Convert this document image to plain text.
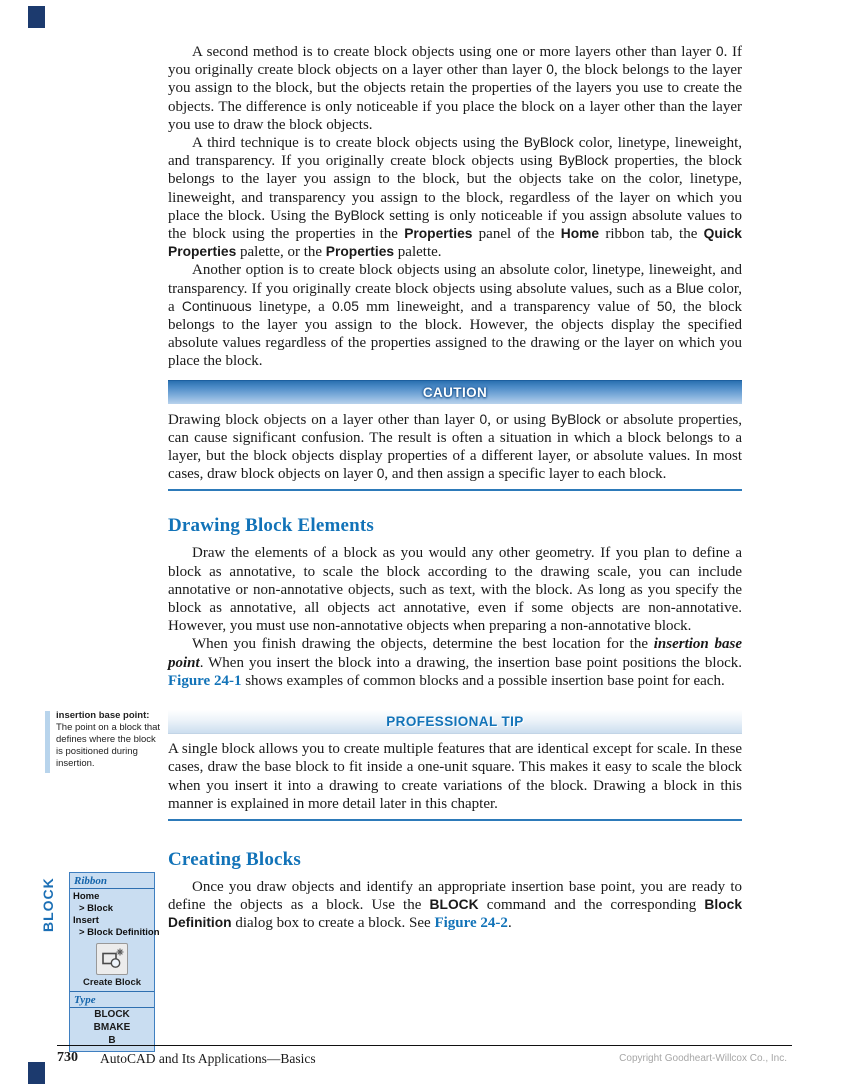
A second method is to create block objects using one or more layers other than layer 0. If you originally create block objects on a layer other than layer 0, the block belongs to the layer you assign to the block, but the objects retain the properties of the layers you use to create the objects. The difference is only noticeable if you place the block on a layer other than the layer you use to draw the block objects.

A third technique is to create block objects using the ByBlock color, linetype, lineweight, and transparency. If you originally create block objects using ByBlock properties, the block belongs to the layer you assign to the block, but the objects take on the color, linetype, lineweight, and transparency you assign to the block, regardless of the layer on which you place the block. Using the ByBlock setting is only noticeable if you assign absolute values to the block using the properties in the Properties panel of the Home ribbon tab, the Quick Properties palette, or the Properties palette.

Another option is to create block objects using an absolute color, linetype, lineweight, and transparency. If you originally create block objects using absolute values, such as a Blue color, a Continuous linetype, a 0.05 mm lineweight, and a transparency value of 50, the block belongs to the layer you assign to the block. However, the objects display the specified absolute values regardless of the properties assigned to the drawing or the layer on which you place the block.

CAUTION

Drawing block objects on a layer other than layer 0, or using ByBlock or absolute properties, can cause significant confusion. The result is often a situation in which a block belongs to a layer, but the block objects display properties of a different layer, or absolute values. In most cases, draw block objects on layer 0, and then assign a specific layer to each block.

Drawing Block Elements

Draw the elements of a block as you would any other geometry. If you plan to define a block as annotative, to scale the block according to the drawing scale, you can include annotative or non-annotative objects, such as text, with the block. As long as you specify the block as annotative, all objects act annotative, even if some objects are non-annotative. However, you must use non-annotative objects when preparing a non-annotative block.

When you finish drawing the objects, determine the best location for the insertion base point. When you insert the block into a drawing, the insertion base point positions the block. Figure 24-1 shows examples of common blocks and a possible insertion base point for each.

PROFESSIONAL TIP

A single block allows you to create multiple features that are identical except for scale. In these cases, draw the base block to fit inside a one-unit square. This makes it easy to scale the block when you insert it into a drawing to create variations of the block. Drawing a block in this manner is explained in more detail later in this chapter.

Creating Blocks

Once you draw objects and identify an appropriate insertion base point, you are ready to define the objects as a block. Use the BLOCK command and the corresponding Block Definition dialog box to create a block. See Figure 24-2.

insertion base point: The point on a block that defines where the block is positioned during insertion.

BLOCK	Ribbon
Home
> Block
Insert
> Block Definition
Create Block
Type
BLOCK
BMAKE
B
730 AutoCAD and Its Applications—Basics	Copyright Goodheart-Willcox Co., Inc.
